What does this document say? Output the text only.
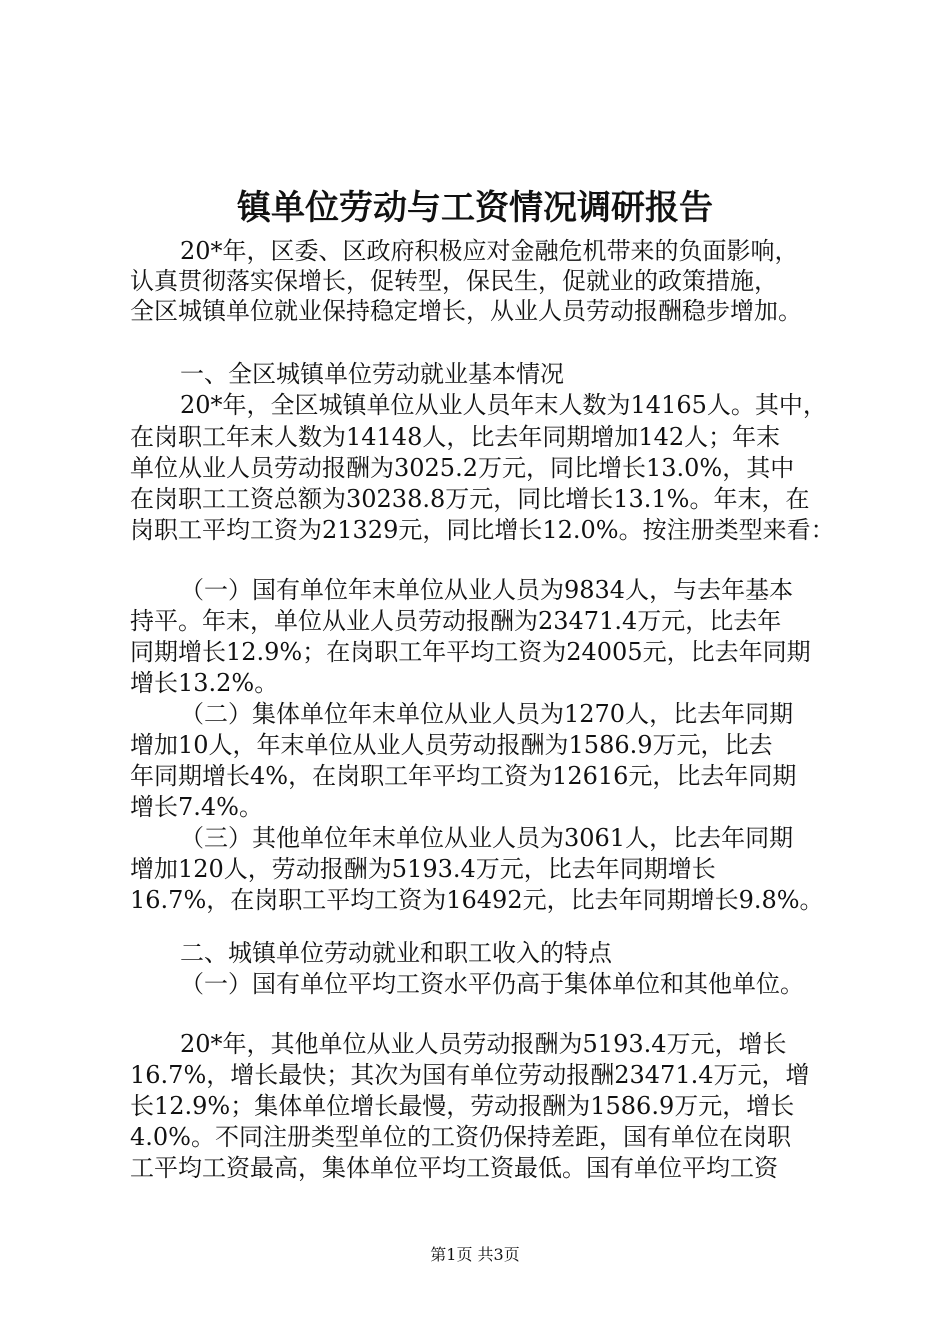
镇单位劳动与工资情况调研报告
20*年，区委、区政府积极应对金融危机带来的负面影响，
认真贯彻落实保增长，促转型，保民生，促就业的政策措施，
全区城镇单位就业保持稳定增长，从业人员劳动报酬稳步增加。
一、全区城镇单位劳动就业基本情况
20*年，全区城镇单位从业人员年末人数为14165人。其中，
在岗职工年末人数为14148人，比去年同期增加142人；年末
单位从业人员劳动报酬为3025.2万元，同比增长13.0%，其中
在岗职工工资总额为30238.8万元，同比增长13.1%。年末，在
岗职工平均工资为21329元，同比增长12.0%。按注册类型来看：
（一）国有单位年末单位从业人员为9834人，与去年基本
持平。年末，单位从业人员劳动报酬为23471.4万元，比去年
同期增长12.9%；在岗职工年平均工资为24005元，比去年同期
增长13.2%。
（二）集体单位年末单位从业人员为1270人，比去年同期
增加10人，年末单位从业人员劳动报酬为1586.9万元，比去
年同期增长4%，在岗职工年平均工资为12616元，比去年同期
增长7.4%。
（三）其他单位年末单位从业人员为3061人，比去年同期
增加120人，劳动报酬为5193.4万元，比去年同期增长
16.7%，在岗职工平均工资为16492元，比去年同期增长9.8%。
二、城镇单位劳动就业和职工收入的特点
（一）国有单位平均工资水平仍高于集体单位和其他单位。
20*年，其他单位从业人员劳动报酬为5193.4万元，增长
16.7%，增长最快；其次为国有单位劳动报酬23471.4万元，增
长12.9%；集体单位增长最慢，劳动报酬为1586.9万元，增长
4.0%。不同注册类型单位的工资仍保持差距，国有单位在岗职
工平均工资最高，集体单位平均工资最低。国有单位平均工资
第1页 共3页
